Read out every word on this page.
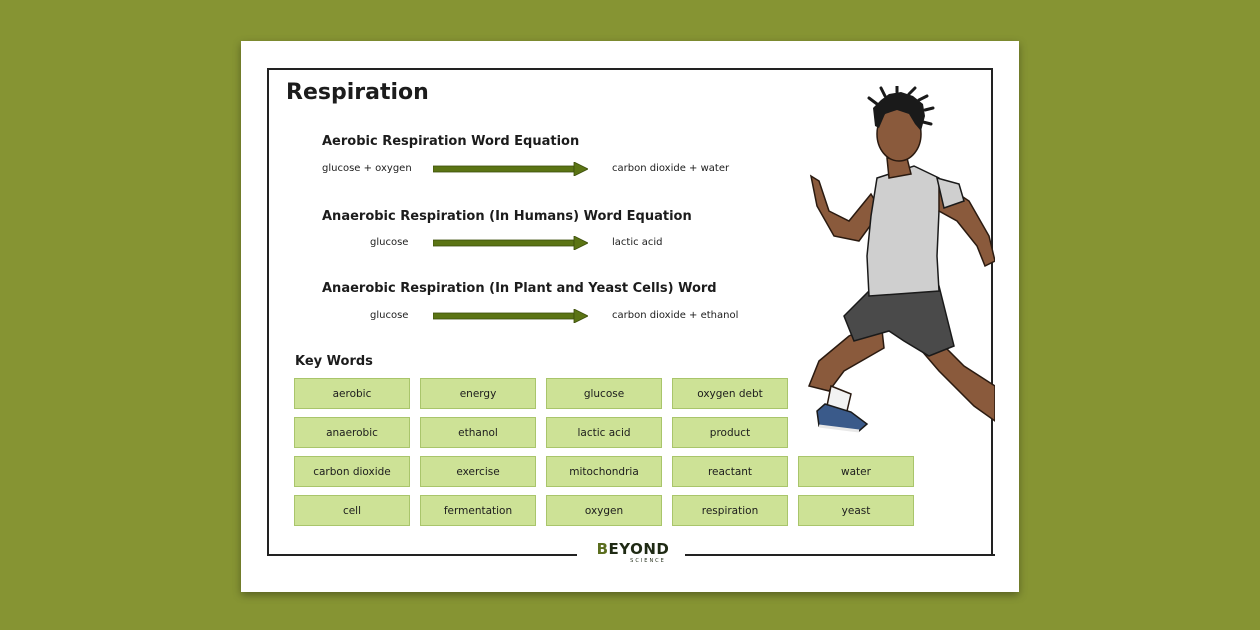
Respiration
Aerobic Respiration Word Equation
glucose + oxygen	carbon dioxide + water
Anaerobic Respiration (In Humans) Word Equation
glucose	lactic acid
Anaerobic Respiration (In Plant and Yeast Cells) Word
glucose	carbon dioxide + ethanol
Key Words
aerobic	energy	glucose	oxygen debt
anaerobic	ethanol	lactic acid	product
carbon dioxide	exercise	mitochondria	reactant	water
cell	fermentation	oxygen	respiration	yeast
BEYOND
SCIENCE
